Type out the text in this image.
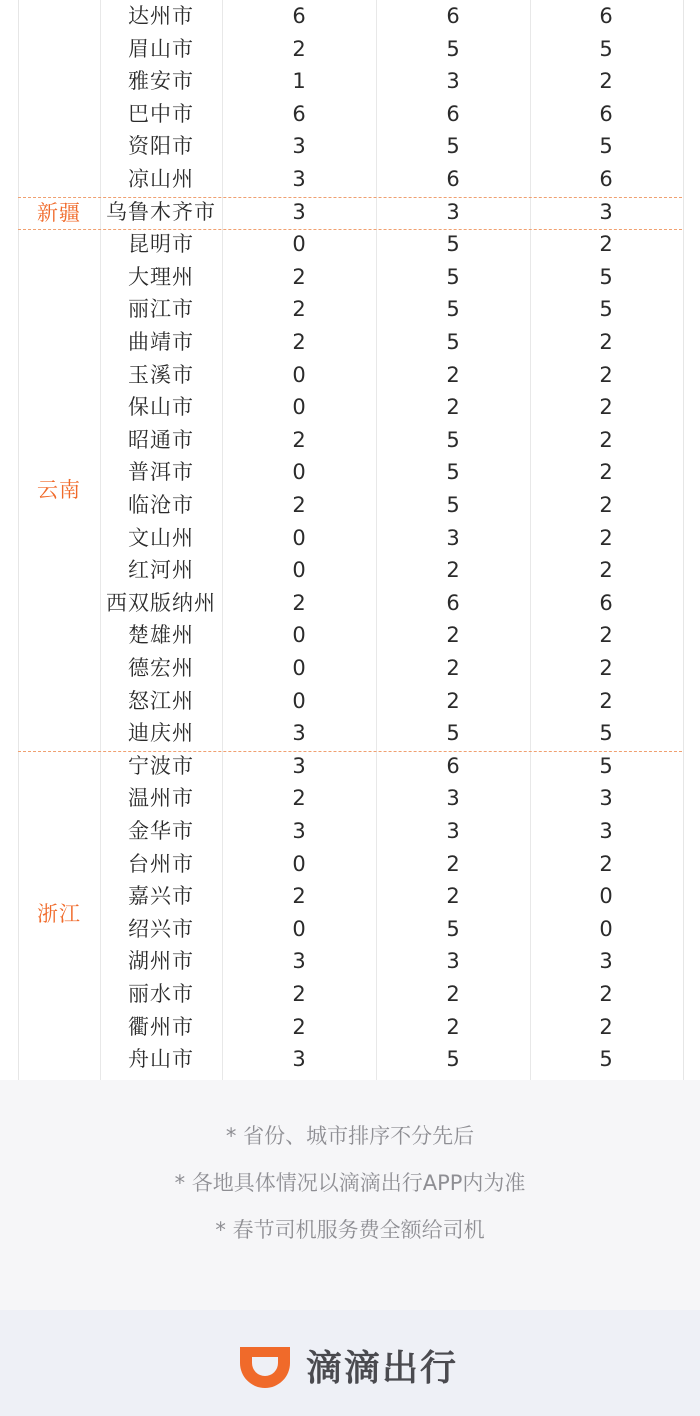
达州市	6	6	6
眉山市	2	5	5
雅安市	1	3	2
巴中市	6	6	6
资阳市	3	5	5
凉山州	3	6	6
新疆	乌鲁木齐市	3	3	3
云南
昆明市	0	5	2
大理州	2	5	5
丽江市	2	5	5
曲靖市	2	5	2
玉溪市	0	2	2
保山市	0	2	2
昭通市	2	5	2
普洱市	0	5	2
临沧市	2	5	2
文山州	0	3	2
红河州	0	2	2
西双版纳州	2	6	6
楚雄州	0	2	2
德宏州	0	2	2
怒江州	0	2	2
迪庆州	3	5	5
浙江
宁波市	3	6	5
温州市	2	3	3
金华市	3	3	3
台州市	0	2	2
嘉兴市	2	2	0
绍兴市	0	5	0
湖州市	3	3	3
丽水市	2	2	2
衢州市	2	2	2
舟山市	3	5	5
* 省份、城市排序不分先后
* 各地具体情况以滴滴出行APP内为准
* 春节司机服务费全额给司机
滴滴出行
